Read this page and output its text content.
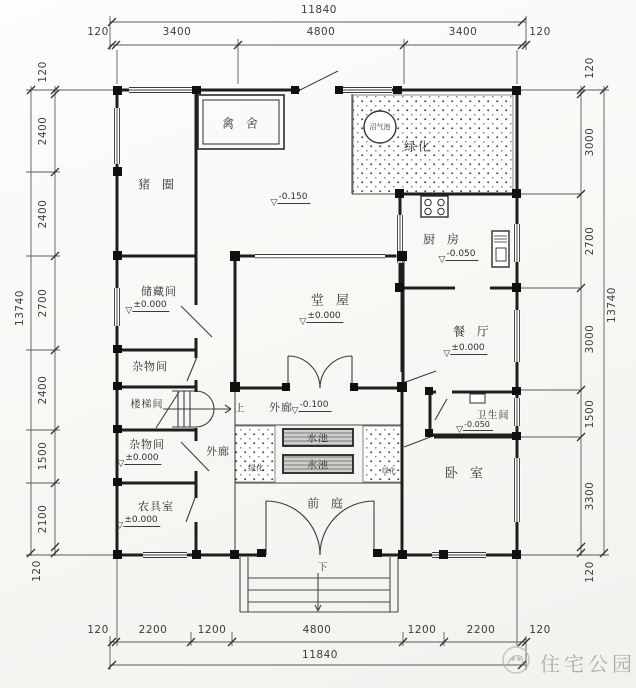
11840
120	3400	4800	3400	120
120	2200	1200	4800	1200	2200	120
11840
13740
120
2400
2400
2700
2400
1500
2100
120
13740
120
3000
2700
3000
1500
3300
120
禽 舍
猪 圈
绿化
沼气池
厨 房
储藏间
堂 屋
餐 厅
杂物间
楼梯间	上
卫生间
外廊
外廊
杂物间	水池
水池
绿化	绿化
农具室
卧 室
前 庭
下
-0.150
▽
-0.050
▽
±0.000
▽	±0.000
▽
±0.000
▽
-0.050
▽
-0.100
▽
±0.000
▽
±0.000
▽
住宅公园
